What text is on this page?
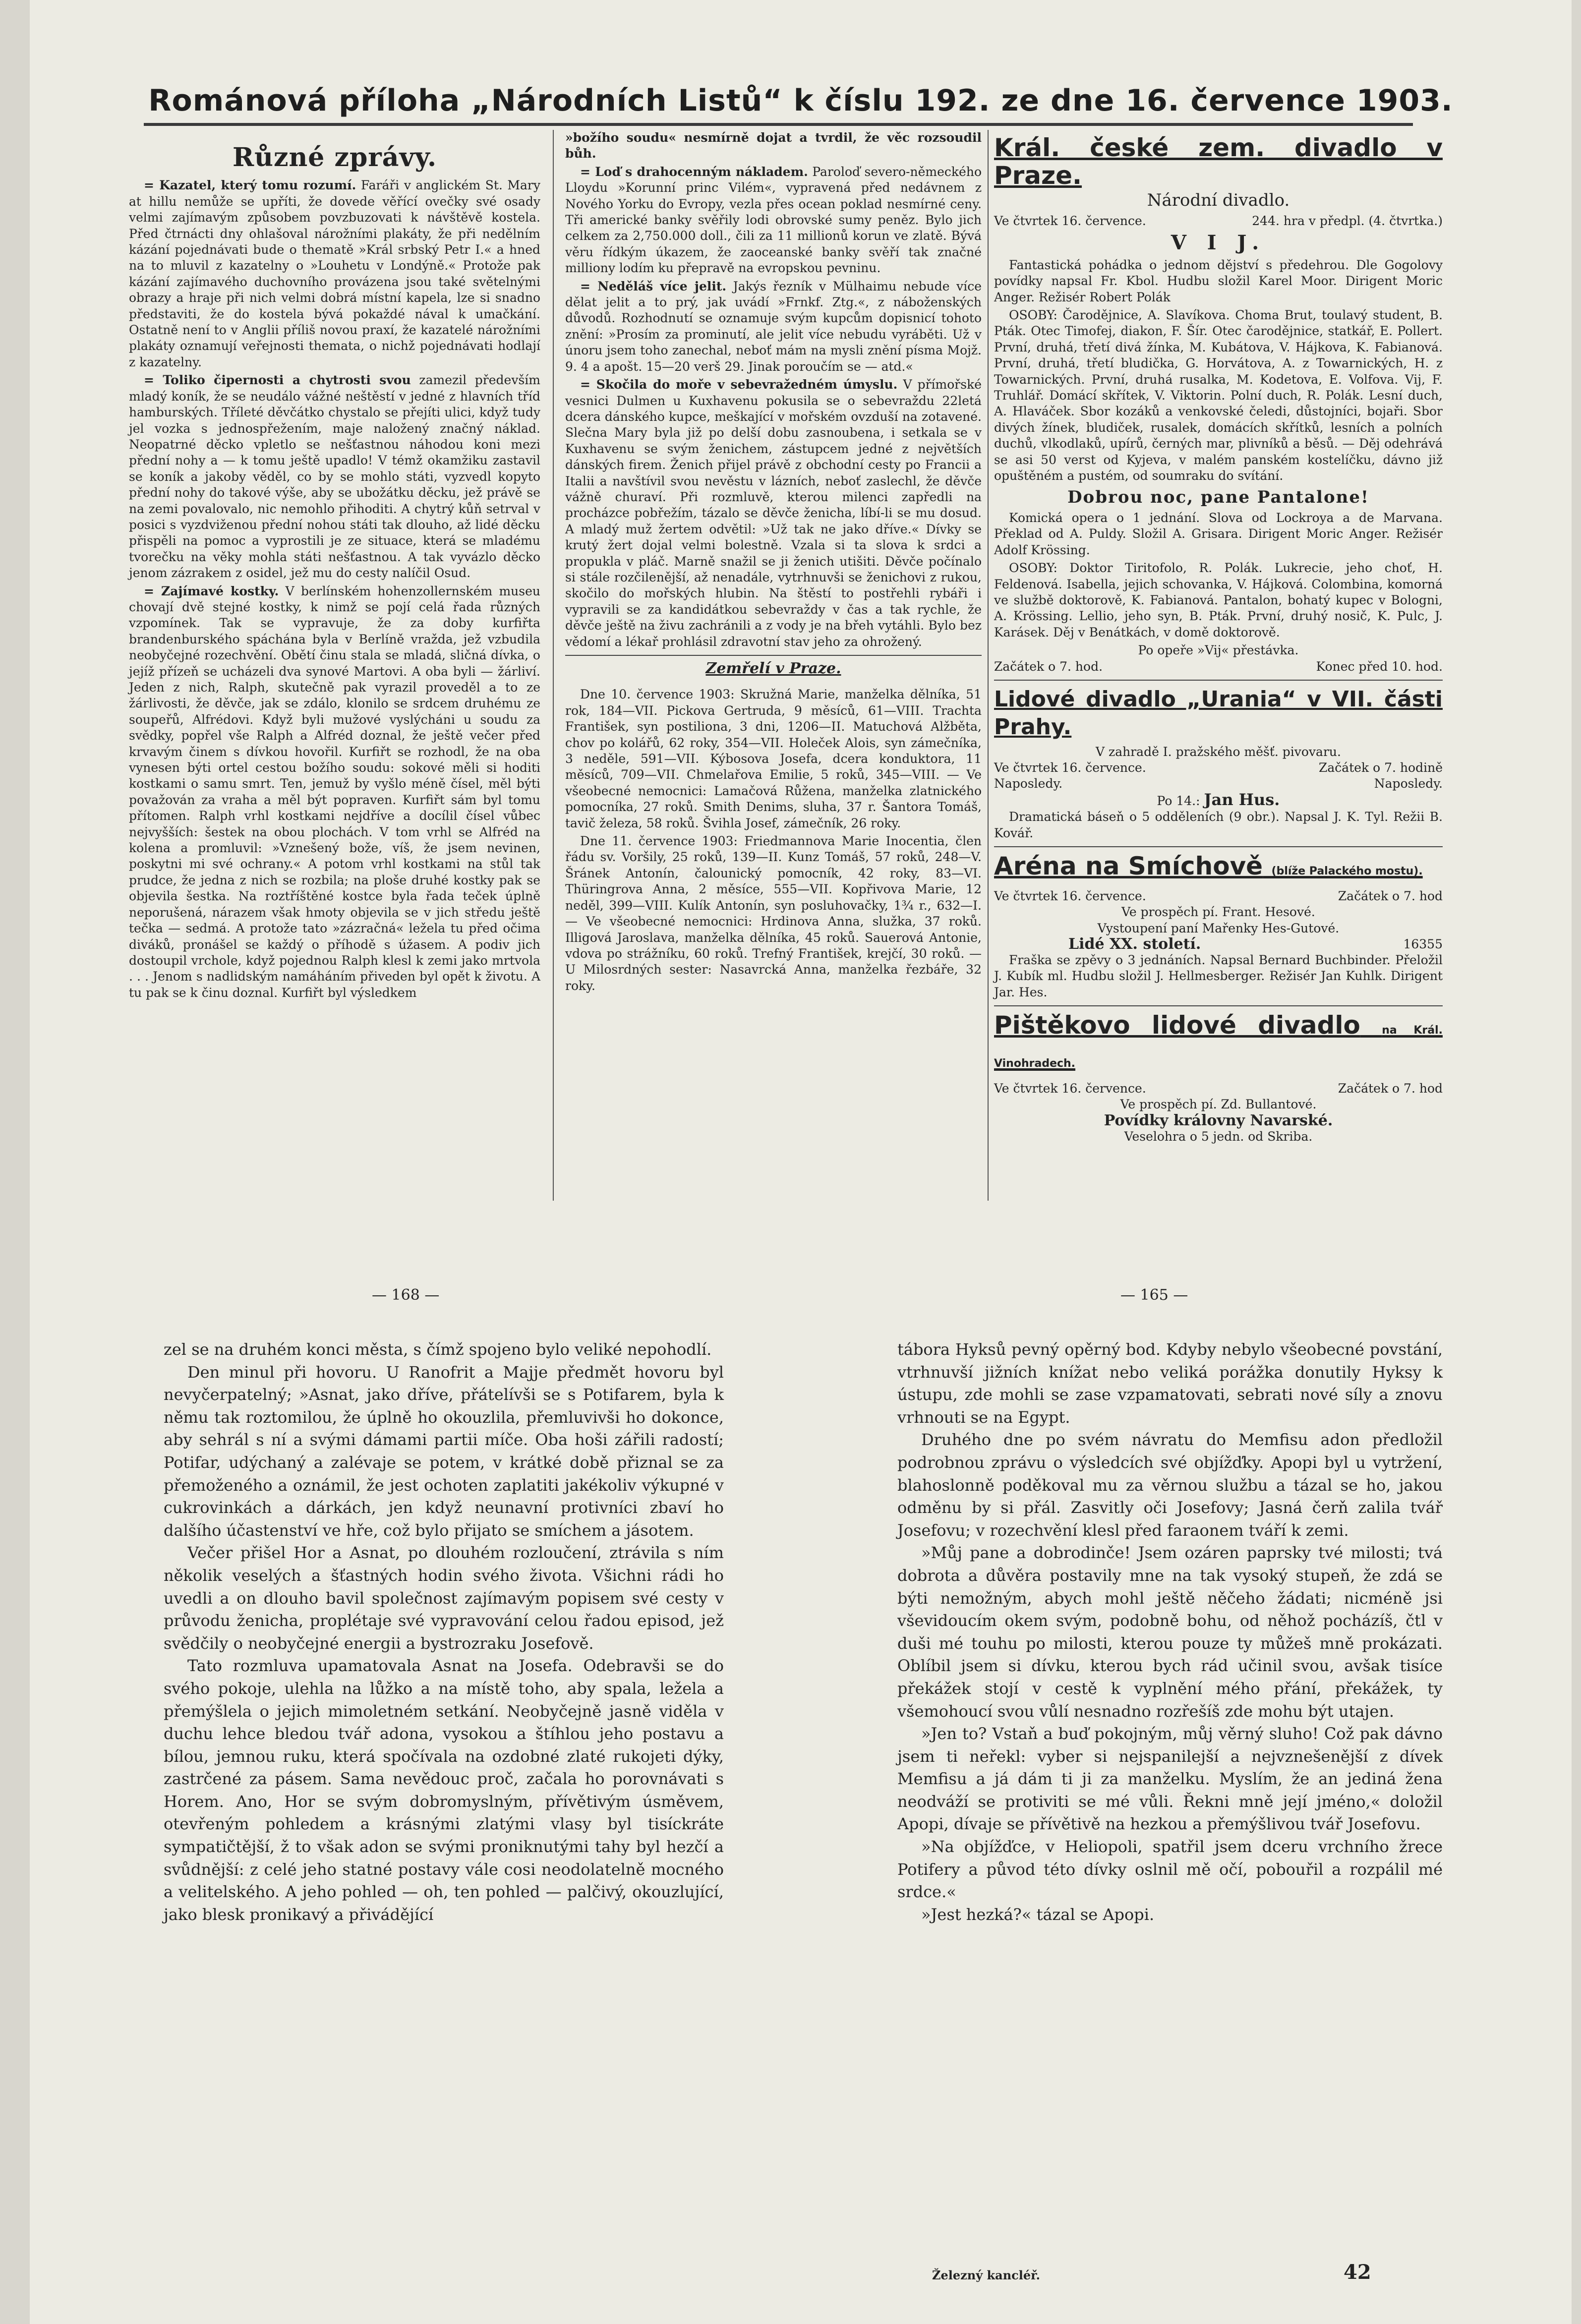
Románová příloha „Národních Listů“ k číslu 192. ze dne 16. července 1903.
Různé zprávy.

= Kazatel, který tomu rozumí. Faráři v anglickém St. Mary at hillu nemůže se upříti, že dovede věřící ovečky své osady velmi zajímavým způsobem povzbuzovati k návštěvě kostela. Před čtrnácti dny ohlašoval nárožními plakáty, že při nedělním kázání pojednávati bude o thematě »Král srbský Petr I.« a hned na to mluvil z kazatelny o »Louhetu v Londýně.« Protože pak kázání zajímavého duchovního provázena jsou také světelnými obrazy a hraje při nich velmi dobrá místní kapela, lze si snadno představiti, že do kostela bývá pokaždé nával k umačkání. Ostatně není to v Anglii příliš novou praxí, že kazatelé nárožními plakáty oznamují veřejnosti themata, o nichž pojednávati hodlají z kazatelny.

= Toliko čipernosti a chytrosti svou zamezil především mladý koník, že se neudálo vážné neštěstí v jedné z hlavních tříd hamburských. Tříleté děvčátko chystalo se přejíti ulici, když tudy jel vozka s jednospřežením, maje naložený značný náklad. Neopatrné děcko vpletlo se nešťastnou náhodou koni mezi přední nohy a — k tomu ještě upadlo! V témž okamžiku zastavil se koník a jakoby věděl, co by se mohlo státi, vyzvedl kopyto přední nohy do takové výše, aby se ubožátku děcku, jež právě se na zemi povalovalo, nic nemohlo přihoditi. A chytrý kůň setrval v posici s vyzdviženou přední nohou státi tak dlouho, až lidé děcku přispěli na pomoc a vyprostili je ze situace, která se mladému tvorečku na věky mohla státi nešťastnou. A tak vyvázlo děcko jenom zázrakem z osidel, jež mu do cesty nalíčil Osud.

= Zajímavé kostky. V berlínském hohenzollernském museu chovají dvě stejné kostky, k nimž se pojí celá řada různých vzpomínek. Tak se vypravuje, že za doby kurfiřta brandenburského spáchána byla v Berlíně vražda, jež vzbudila neobyčejné rozechvění. Obětí činu stala se mladá, sličná dívka, o jejíž přízeň se ucházeli dva synové Martovi. A oba byli — žárliví. Jeden z nich, Ralph, skutečně pak vyrazil proveděl a to ze žárlivosti, že děvče, jak se zdálo, klonilo se srdcem druhému ze soupeřů, Alfrédovi. Když byli mužové vyslýcháni u soudu za svědky, popřel vše Ralph a Alfréd doznal, že ještě večer před krvavým činem s dívkou hovořil. Kurfiřt se rozhodl, že na oba vynesen býti ortel cestou božího soudu: sokové měli si hoditi kostkami o samu smrt. Ten, jemuž by vyšlo méně čísel, měl býti považován za vraha a měl být popraven. Kurfiřt sám byl tomu přítomen. Ralph vrhl kostkami nejdříve a docílil čísel vůbec nejvyšších: šestek na obou plochách. V tom vrhl se Alfréd na kolena a promluvil: »Vznešený bože, víš, že jsem nevinen, poskytni mi své ochrany.« A potom vrhl kostkami na stůl tak prudce, že jedna z nich se rozbila; na ploše druhé kostky pak se objevila šestka. Na roztříštěné kostce byla řada teček úplně neporušená, nárazem však hmoty objevila se v jich středu ještě tečka — sedmá. A protože tato »zázračná« ležela tu před očima diváků, pronášel se každý o příhodě s úžasem. A podiv jich dostoupil vrchole, když pojednou Ralph klesl k zemi jako mrtvola . . . Jenom s nadlidským namáháním přiveden byl opět k životu. A tu pak se k činu doznal. Kurfiřt byl výsledkem

»božího soudu« nesmírně dojat a tvrdil, že věc rozsoudil bůh.

= Loď s drahocenným nákladem. Paroloď severo-německého Lloydu »Korunní princ Vilém«, vypravená před nedávnem z Nového Yorku do Evropy, vezla přes ocean poklad nesmírné ceny. Tři americké banky svěřily lodi obrovské sumy peněz. Bylo jich celkem za 2,750.000 doll., čili za 11 millionů korun ve zlatě. Bývá věru řídkým úkazem, že zaoceanské banky svěří tak značné milliony lodím ku přepravě na evropskou pevninu.

= Neděláš více jelit. Jakýs řezník v Mülhaimu nebude více dělat jelit a to prý, jak uvádí »Frnkf. Ztg.«, z náboženských důvodů. Rozhodnutí se oznamuje svým kupcům dopisnicí tohoto znění: »Prosím za prominutí, ale jelit více nebudu vyráběti. Už v únoru jsem toho zanechal, neboť mám na mysli znění písma Mojž. 9. 4 a apošt. 15—20 verš 29. Jinak poroučím se — atd.«

= Skočila do moře v sebevražedném úmyslu. V přímořské vesnici Dulmen u Kuxhavenu pokusila se o sebevraždu 22letá dcera dánského kupce, meškající v mořském ovzduší na zotavené. Slečna Mary byla již po delší dobu zasnoubena, i setkala se v Kuxhavenu se svým ženichem, zástupcem jedné z největších dánských firem. Ženich přijel právě z obchodní cesty po Francii a Italii a navštívil svou nevěstu v lázních, neboť zaslechl, že děvče vážně churaví. Při rozmluvě, kterou milenci zapředli na procházce pobřežím, tázalo se děvče ženicha, líbí-li se mu dosud. A mladý muž žertem odvětil: »Už tak ne jako dříve.« Dívky se krutý žert dojal velmi bolestně. Vzala si ta slova k srdci a propukla v pláč. Marně snažil se ji ženich utišiti. Děvče počínalo si stále rozčilenější, až nenadále, vytrhnuvši se ženichovi z rukou, skočilo do mořských hlubin. Na štěstí to postřehli rybáři i vypravili se za kandidátkou sebevraždy v čas a tak rychle, že děvče ještě na živu zachránili a z vody je na břeh vytáhli. Bylo bez vědomí a lékař prohlásil zdravotní stav jeho za ohrožený.

Zemřelí v Praze.

Dne 10. července 1903: Skružná Marie, manželka dělníka, 51 rok, 184—VII. Pickova Gertruda, 9 měsíců, 61—VIII. Trachta František, syn postiliona, 3 dni, 1206—II. Matuchová Alžběta, chov po kolářů, 62 roky, 354—VII. Holeček Alois, syn zámečníka, 3 neděle, 591—VII. Kýbosova Josefa, dcera konduktora, 11 měsíců, 709—VII. Chmelařova Emilie, 5 roků, 345—VIII. — Ve všeobecné nemocnici: Lamačová Růžena, manželka zlatnického pomocníka, 27 roků. Smith Denims, sluha, 37 r. Šantora Tomáš, tavič železa, 58 roků. Švihla Josef, zámečník, 26 roky.

Dne 11. července 1903: Friedmannova Marie Inocentia, člen řádu sv. Voršily, 25 roků, 139—II. Kunz Tomáš, 57 roků, 248—V. Šránek Antonín, čalounický pomocník, 42 roky, 83—VI. Thüringrova Anna, 2 měsíce, 555—VII. Kopřivova Marie, 12 neděl, 399—VIII. Kulík Antonín, syn posluhovačky, 1¾ r., 632—I. — Ve všeobecné nemocnici: Hrdinova Anna, služka, 37 roků. Illigová Jaroslava, manželka dělníka, 45 roků. Sauerová Antonie, vdova po strážníku, 60 roků. Trefný František, krejčí, 30 roků. — U Milosrdných sester: Nasavrcká Anna, manželka řezbáře, 32 roky.

Král. české zem. divadlo v Praze.
Národní divadlo.
Ve čtvrtek 16. července.	244. hra v předpl. (4. čtvrtka.)
V I J.

Fantastická pohádka o jednom dějství s předehrou. Dle Gogolovy povídky napsal Fr. Kbol. Hudbu složil Karel Moor. Dirigent Moric Anger. Režisér Robert Polák

OSOBY: Čarodějnice, A. Slavíkova. Choma Brut, toulavý student, B. Pták. Otec Timofej, diakon, F. Šír. Otec čarodějnice, statkář, E. Pollert. První, druhá, třetí divá žínka, M. Kubátova, V. Hájkova, K. Fabianová. První, druhá, třetí bludička, G. Horvátova, A. z Towarnických, H. z Towarnických. První, druhá rusalka, M. Kodetova, E. Volfova. Vij, F. Truhlář. Domácí skřítek, V. Viktorin. Polní duch, R. Polák. Lesní duch, A. Hlaváček. Sbor kozáků a venkovské čeledi, důstojníci, bojaři. Sbor divých žínek, bludiček, rusalek, domácích skřítků, lesních a polních duchů, vlkodlaků, upírů, černých mar, plivníků a běsů. — Děj odehrává se asi 50 verst od Kyjeva, v malém panském kostelíčku, dávno již opuštěném a pustém, od soumraku do svítání.

Dobrou noc, pane Pantalone!

Komická opera o 1 jednání. Slova od Lockroya a de Marvana. Překlad od A. Puldy. Složil A. Grisara. Dirigent Moric Anger. Režisér Adolf Krössing.

OSOBY: Doktor Tiritofolo, R. Polák. Lukrecie, jeho choť, H. Feldenová. Isabella, jejich schovanka, V. Hájková. Colombina, komorná ve službě doktorově, K. Fabianová. Pantalon, bohatý kupec v Bologni, A. Krössing. Lellio, jeho syn, B. Pták. První, druhý nosič, K. Pulc, J. Karásek. Děj v Benátkách, v domě doktorově.

Po opeře »Vij« přestávka.
Začátek o 7. hod.	Konec před 10. hod.
Lidové divadlo „Urania“ v VII. části Prahy.
V zahradě I. pražského měšť. pivovaru.
Ve čtvrtek 16. července.	Začátek o 7. hodině
Naposledy.	Naposledy.
Po 14.: Jan Hus.

Dramatická báseň o 5 odděleních (9 obr.). Napsal J. K. Tyl. Režii B. Kovář.

Aréna na Smíchově (blíže Palackého mostu).
Ve čtvrtek 16. července.	Začátek o 7. hod
Ve prospěch pí. Frant. Hesové.
Vystoupení paní Mařenky Hes-Gutové.
Lidé XX. století.	16355

Fraška se zpěvy o 3 jednáních. Napsal Bernard Buchbinder. Přeložil J. Kubík ml. Hudbu složil J. Hellmesberger. Režisér Jan Kuhlk. Dirigent Jar. Hes.

Pištěkovo lidové divadlo na Král. Vinohradech.
Ve čtvrtek 16. července.	Začátek o 7. hod
Ve prospěch pí. Zd. Bullantové.
Povídky královny Navarské.
Veselohra o 5 jedn. od Skriba.
— 168 —	— 165 —

zel se na druhém konci města, s čímž spojeno bylo veliké nepohodlí.

Den minul při hovoru. U Ranofrit a Majje předmět hovoru byl nevyčerpatelný; »Asnat, jako dříve, přátelívši se s Potifarem, byla k němu tak roztomilou, že úplně ho okouzlila, přemluvivši ho dokonce, aby sehrál s ní a svými dámami partii míče. Oba hoši zářili radostí; Potifar, udýchaný a zalévaje se potem, v krátké době přiznal se za přemoženého a oznámil, že jest ochoten zaplatiti jakékoliv výkupné v cukrovinkách a dárkách, jen když neunavní protivníci zbaví ho dalšího účastenství ve hře, což bylo přijato se smíchem a jásotem.

Večer přišel Hor a Asnat, po dlouhém rozloučení, ztrávila s ním několik veselých a šťastných hodin svého života. Všichni rádi ho uvedli a on dlouho bavil společnost zajímavým popisem své cesty v průvodu ženicha, proplétaje své vypravování celou řadou episod, jež svědčily o neobyčejné energii a bystrozraku Josefově.

Tato rozmluva upamatovala Asnat na Josefa. Odebravši se do svého pokoje, ulehla na lůžko a na místě toho, aby spala, ležela a přemýšlela o jejich mimoletném setkání. Neobyčejně jasně viděla v duchu lehce bledou tvář adona, vysokou a štíhlou jeho postavu a bílou, jemnou ruku, která spočívala na ozdobné zlaté rukojeti dýky, zastrčené za pásem. Sama nevědouc proč, začala ho porovnávati s Horem. Ano, Hor se svým dobromyslným, přívětivým úsměvem, otevřeným pohledem a krásnými zlatými vlasy byl tisíckráte sympatičtější, ž to však adon se svými proniknutými tahy byl hezčí a svůdnější: z celé jeho statné postavy vále cosi neodolatelně mocného a velitelského. A jeho pohled — oh, ten pohled — palčivý, okouzlující, jako blesk pronikavý a přivádějící

tábora Hyksů pevný opěrný bod. Kdyby nebylo všeobecné povstání, vtrhnuvší jižních knížat nebo veliká porážka donutily Hyksy k ústupu, zde mohli se zase vzpamatovati, sebrati nové síly a znovu vrhnouti se na Egypt.

Druhého dne po svém návratu do Memfisu adon předložil podrobnou zprávu o výsledcích své objížďky. Apopi byl u vytržení, blahoslonně poděkoval mu za věrnou službu a tázal se ho, jakou odměnu by si přál. Zasvitly oči Josefovy; Jasná čerň zalila tvář Josefovu; v rozechvění klesl před faraonem tváří k zemi.

»Můj pane a dobrodinče! Jsem ozáren paprsky tvé milosti; tvá dobrota a důvěra postavily mne na tak vysoký stupeň, že zdá se býti nemožným, abych mohl ještě něčeho žádati; nicméně jsi vševidoucím okem svým, podobně bohu, od něhož pocházíš, čtl v duši mé touhu po milosti, kterou pouze ty můžeš mně prokázati. Oblíbil jsem si dívku, kterou bych rád učinil svou, avšak tisíce překážek stojí v cestě k vyplnění mého přání, překážek, ty všemohoucí svou vůlí nesnadno rozřešíš zde mohu být utajen.

»Jen to? Vstaň a buď pokojným, můj věrný sluho! Což pak dávno jsem ti neřekl: vyber si nejspanilejší a nejvznešenější z dívek Memfisu a já dám ti ji za manželku. Myslím, že an jediná žena neodváží se protiviti se mé vůli. Řekni mně její jméno,« doložil Apopi, dívaje se přívětivě na hezkou a přemýšlivou tvář Josefovu.

»Na objížďce, v Heliopoli, spatřil jsem dceru vrchního žrece Potifery a původ této dívky oslnil mě očí, pobouřil a rozpálil mé srdce.«

»Jest hezká?« tázal se Apopi.

Železný kancléř.	42
